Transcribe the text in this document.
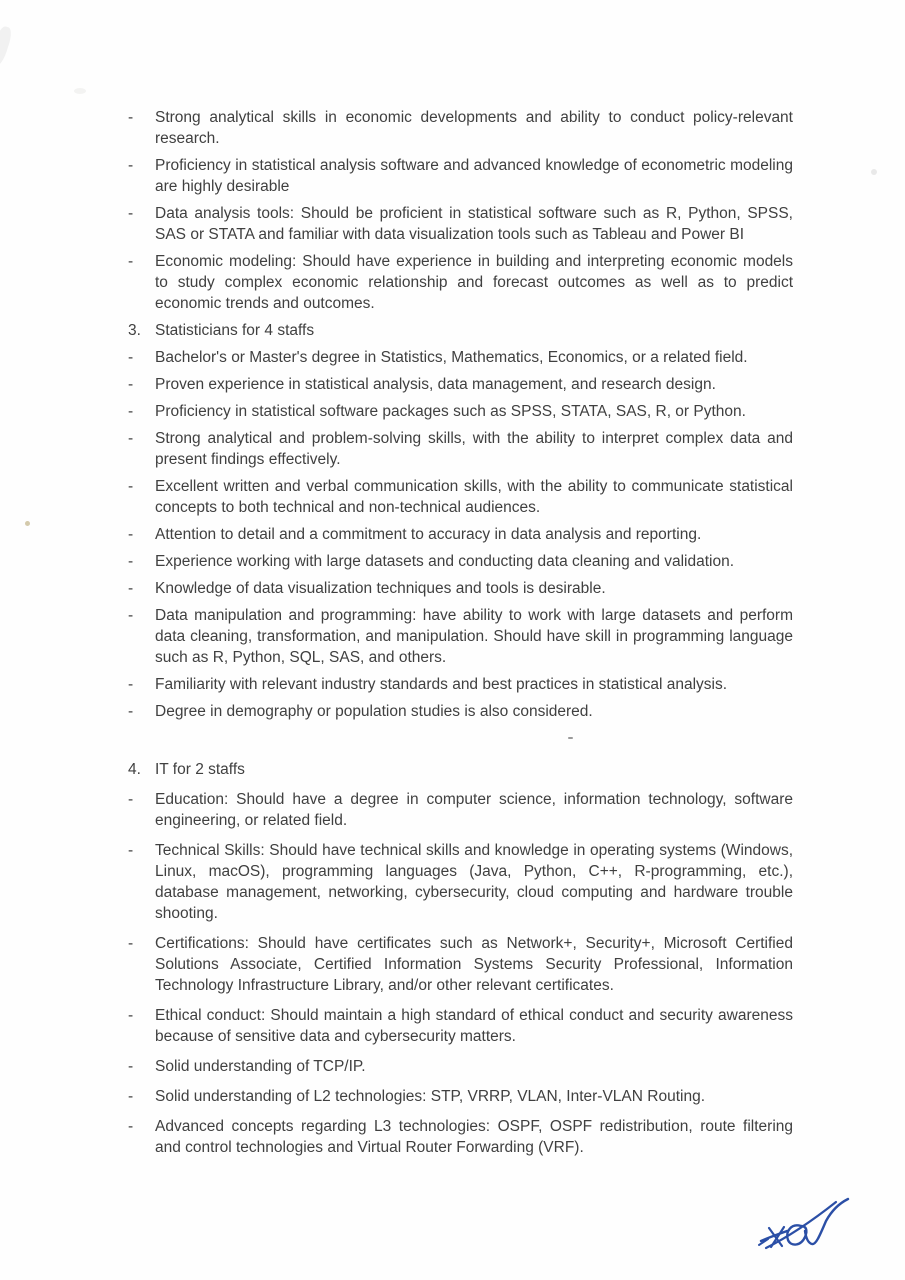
-	Strong analytical skills in economic developments and ability to conduct policy-relevant research.
-	Proficiency in statistical analysis software and advanced knowledge of econometric modeling are highly desirable
-	Data analysis tools: Should be proficient in statistical software such as R, Python, SPSS, SAS or STATA and familiar with data visualization tools such as Tableau and Power BI
-	Economic modeling: Should have experience in building and interpreting economic models to study complex economic relationship and forecast outcomes as well as to predict economic trends and outcomes.
3. Statisticians for 4 staffs
-	Bachelor's or Master's degree in Statistics, Mathematics, Economics, or a related field.
-	Proven experience in statistical analysis, data management, and research design.
-	Proficiency in statistical software packages such as SPSS, STATA, SAS, R, or Python.
-	Strong analytical and problem-solving skills, with the ability to interpret complex data and present findings effectively.
-	Excellent written and verbal communication skills, with the ability to communicate statistical concepts to both technical and non-technical audiences.
-	Attention to detail and a commitment to accuracy in data analysis and reporting.
-	Experience working with large datasets and conducting data cleaning and validation.
-	Knowledge of data visualization techniques and tools is desirable.
-	Data manipulation and programming: have ability to work with large datasets and perform data cleaning, transformation, and manipulation. Should have skill in programming language such as R, Python, SQL, SAS, and others.
-	Familiarity with relevant industry standards and best practices in statistical analysis.
-	Degree in demography or population studies is also considered.
4. IT for 2 staffs
-	Education: Should have a degree in computer science, information technology, software engineering, or related field.
-	Technical Skills: Should have technical skills and knowledge in operating systems (Windows, Linux, macOS), programming languages (Java, Python, C++, R-programming, etc.), database management, networking, cybersecurity, cloud computing and hardware trouble shooting.
-	Certifications: Should have certificates such as Network+, Security+, Microsoft Certified Solutions Associate, Certified Information Systems Security Professional, Information Technology Infrastructure Library, and/or other relevant certificates.
-	Ethical conduct: Should maintain a high standard of ethical conduct and security awareness because of sensitive data and cybersecurity matters.
-	Solid understanding of TCP/IP.
-	Solid understanding of L2 technologies: STP, VRRP, VLAN, Inter-VLAN Routing.
-	Advanced concepts regarding L3 technologies: OSPF, OSPF redistribution, route filtering and control technologies and Virtual Router Forwarding (VRF).
